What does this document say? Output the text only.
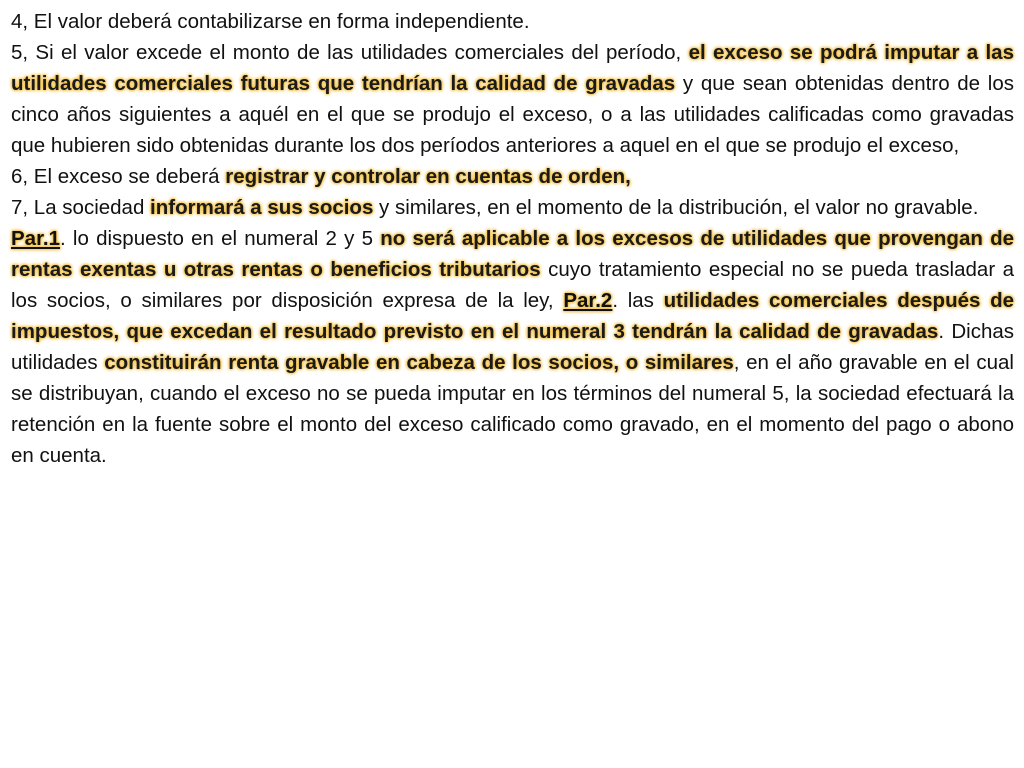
4, El valor deberá contabilizarse en forma independiente.

5, Si el valor excede el monto de las utilidades comerciales del período, el exceso se podrá imputar a las utilidades comerciales futuras que tendrían la calidad de gravadas y que sean obtenidas dentro de los cinco años siguientes a aquél en el que se produjo el exceso, o a las utilidades calificadas como gravadas que hubieren sido obtenidas durante los dos períodos anteriores a aquel en el que se produjo el exceso,

6, El exceso se deberá registrar y controlar en cuentas de orden,

7, La sociedad informará a sus socios y similares, en el momento de la distribución, el valor no gravable.

Par.1. lo dispuesto en el numeral 2 y 5 no será aplicable a los excesos de utilidades que provengan de rentas exentas u otras rentas o beneficios tributarios cuyo tratamiento especial no se pueda trasladar a los socios, o similares por disposición expresa de la ley, Par.2. las utilidades comerciales después de impuestos, que excedan el resultado previsto en el numeral 3 tendrán la calidad de gravadas. Dichas utilidades constituirán renta gravable en cabeza de los socios, o similares, en el año gravable en el cual se distribuyan, cuando el exceso no se pueda imputar en los términos del numeral 5, la sociedad efectuará la retención en la fuente sobre el monto del exceso calificado como gravado, en el momento del pago o abono en cuenta.
